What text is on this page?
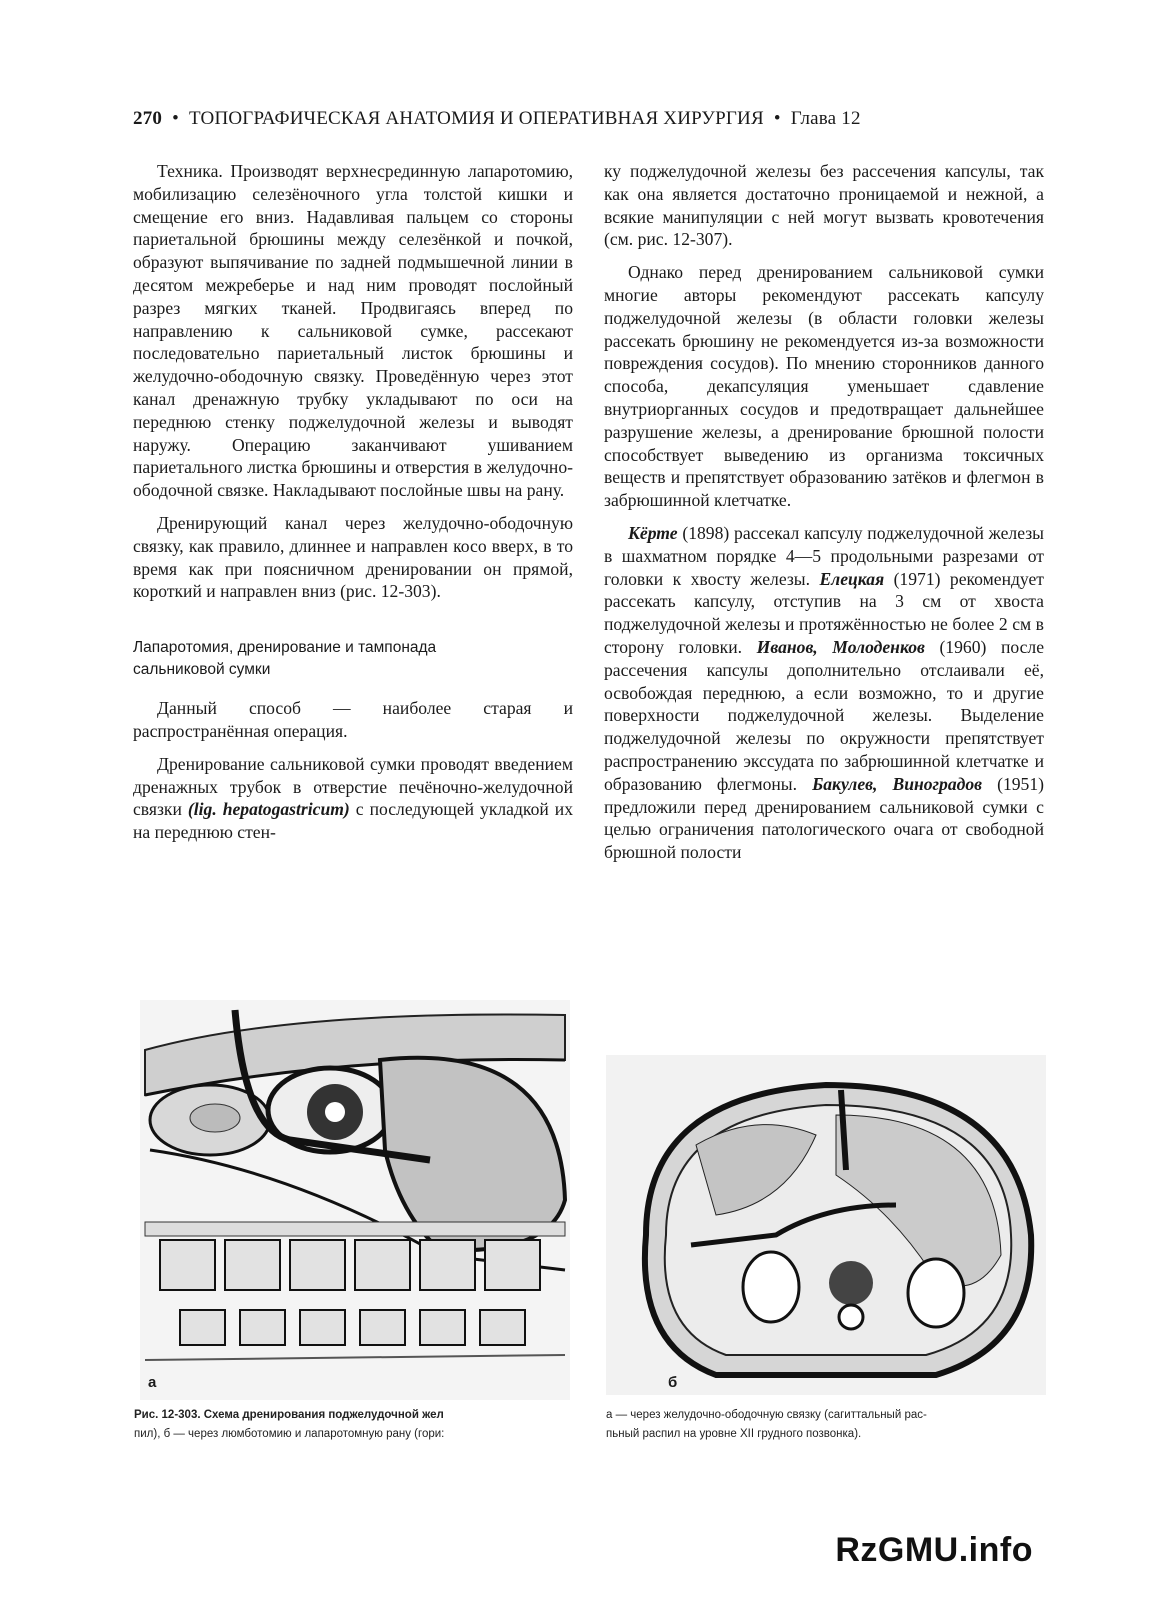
270 • ТОПОГРАФИЧЕСКАЯ АНАТОМИЯ И ОПЕРАТИВНАЯ ХИРУРГИЯ • Глава 12

Техника. Производят верхнесрединную лапаротомию, мобилизацию селезёночного угла толстой кишки и смещение его вниз. Надавливая пальцем со стороны париетальной брюшины между селезёнкой и почкой, образуют выпячивание по задней подмышечной линии в десятом межреберье и над ним проводят послойный разрез мягких тканей. Продвигаясь вперед по направлению к сальниковой сумке, рассекают последовательно париетальный листок брюшины и желудочно-ободочную связку. Проведённую через этот канал дренажную трубку укладывают по оси на переднюю стенку поджелудочной железы и выводят наружу. Операцию заканчивают ушиванием париетального листка брюшины и отверстия в желудочно-ободочной связке. Накладывают послойные швы на рану.

Дренирующий канал через желудочно-ободочную связку, как правило, длиннее и направлен косо вверх, в то время как при поясничном дренировании он прямой, короткий и направлен вниз (рис. 12-303).

Лапаротомия, дренирование и тампонада
сальниковой сумки

Данный способ — наиболее старая и распространённая операция.

Дренирование сальниковой сумки проводят введением дренажных трубок в отверстие печёночно-желудочной связки (lig. hepatogastricum) с последующей укладкой их на переднюю стен-

ку поджелудочной железы без рассечения капсулы, так как она является достаточно проницаемой и нежной, а всякие манипуляции с ней могут вызвать кровотечения (см. рис. 12-307).

Однако перед дренированием сальниковой сумки многие авторы рекомендуют рассекать капсулу поджелудочной железы (в области головки железы рассекать брюшину не рекомендуется из-за возможности повреждения сосудов). По мнению сторонников данного способа, декапсуляция уменьшает сдавление внутриорганных сосудов и предотвращает дальнейшее разрушение железы, а дренирование брюшной полости способствует выведению из организма токсичных веществ и препятствует образованию затёков и флегмон в забрюшинной клетчатке.

Кёрте (1898) рассекал капсулу поджелудочной железы в шахматном порядке 4—5 продольными разрезами от головки к хвосту железы. Елецкая (1971) рекомендует рассекать капсулу, отступив на 3 см от хвоста поджелудочной железы и протяжённостью не более 2 см в сторону головки. Иванов, Молоденков (1960) после рассечения капсулы дополнительно отслаивали её, освобождая переднюю, а если возможно, то и другие поверхности поджелудочной железы. Выделение поджелудочной железы по окружности препятствует распространению экссудата по забрюшинной клетчатке и образованию флегмоны. Бакулев, Виноградов (1951) предложили перед дренированием сальниковой сумки с целью ограничения патологического очага от свободной брюшной полости

а	б
Рис. 12-303. Схема дренирования поджелудочной жел
пил), б — через люмботомию и лапаротомную рану (гори:
а — через желудочно-ободочную связку (сагиттальный рас-
пьный распил на уровне XII грудного позвонка).
RzGMU.info
